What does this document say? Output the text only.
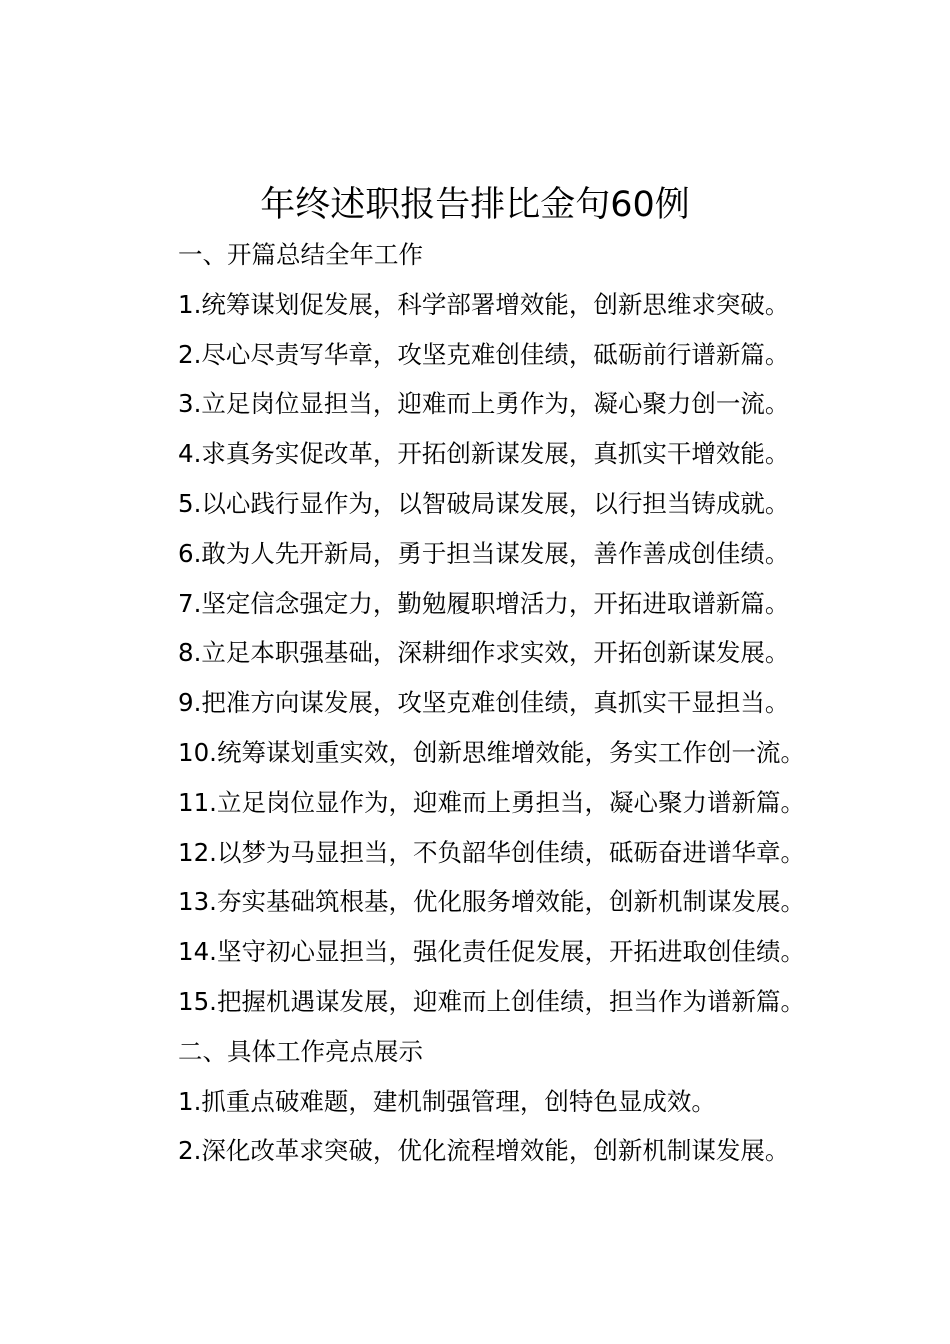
年终述职报告排比金句60例
一、开篇总结全年工作
1.统筹谋划促发展，科学部署增效能，创新思维求突破。
2.尽心尽责写华章，攻坚克难创佳绩，砥砺前行谱新篇。
3.立足岗位显担当，迎难而上勇作为，凝心聚力创一流。
4.求真务实促改革，开拓创新谋发展，真抓实干增效能。
5.以心践行显作为，以智破局谋发展，以行担当铸成就。
6.敢为人先开新局，勇于担当谋发展，善作善成创佳绩。
7.坚定信念强定力，勤勉履职增活力，开拓进取谱新篇。
8.立足本职强基础，深耕细作求实效，开拓创新谋发展。
9.把准方向谋发展，攻坚克难创佳绩，真抓实干显担当。
10.统筹谋划重实效，创新思维增效能，务实工作创一流。
11.立足岗位显作为，迎难而上勇担当，凝心聚力谱新篇。
12.以梦为马显担当，不负韶华创佳绩，砥砺奋进谱华章。
13.夯实基础筑根基，优化服务增效能，创新机制谋发展。
14.坚守初心显担当，强化责任促发展，开拓进取创佳绩。
15.把握机遇谋发展，迎难而上创佳绩，担当作为谱新篇。
二、具体工作亮点展示
1.抓重点破难题，建机制强管理，创特色显成效。
2.深化改革求突破，优化流程增效能，创新机制谋发展。
